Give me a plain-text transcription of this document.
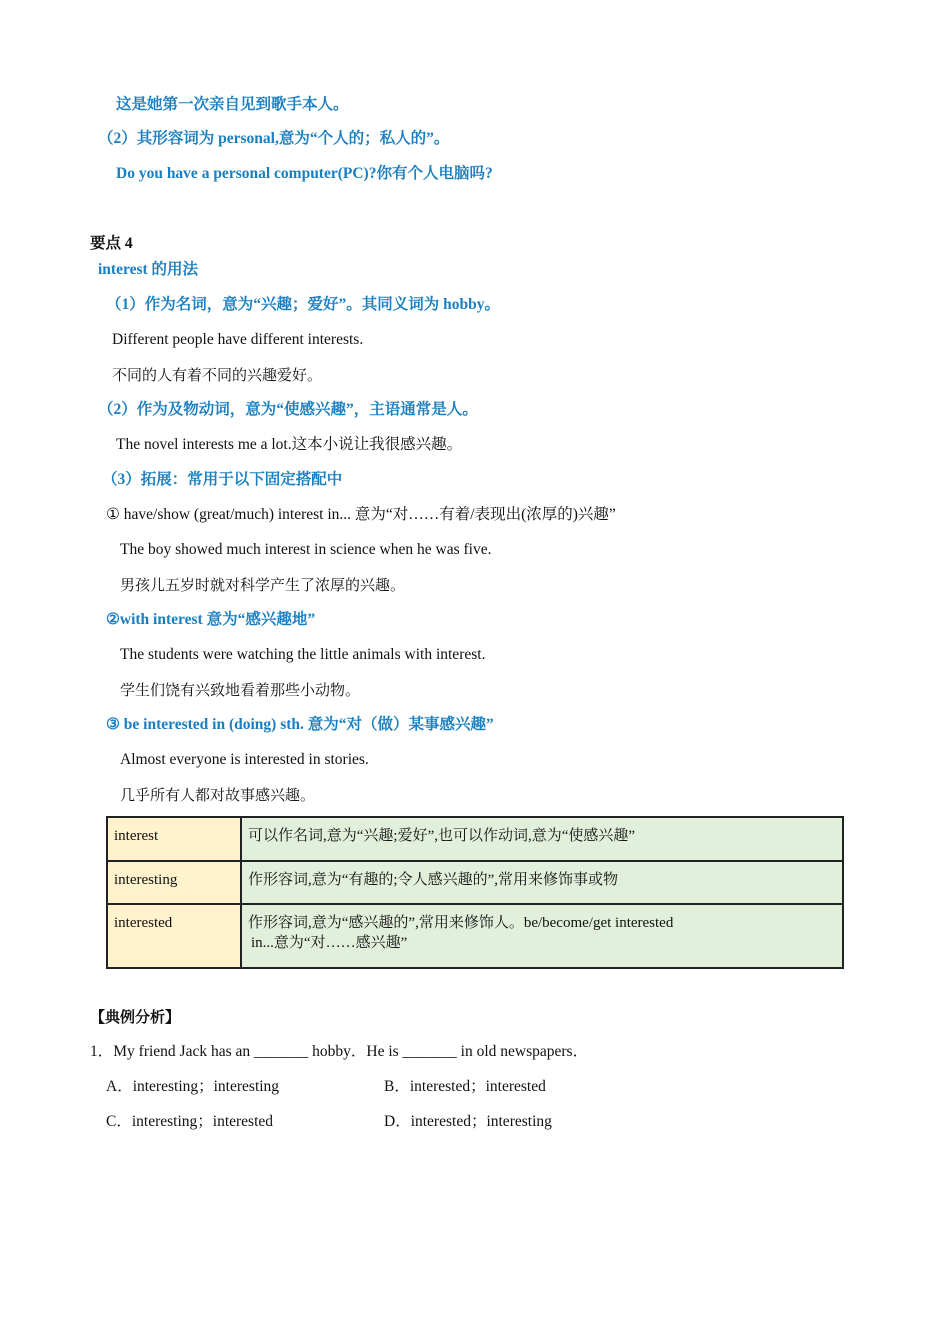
这是她第一次亲自见到歌手本人。
（2）其形容词为 personal,意为“个人的；私人的”。
Do you have a personal computer(PC)?你有个人电脑吗?
要点 4
interest 的用法
（1）作为名词，意为“兴趣；爱好”。其同义词为 hobby。
Different people have different interests.
不同的人有着不同的兴趣爱好。
（2）作为及物动词，意为“使感兴趣”，主语通常是人。
The novel interests me a lot.这本小说让我很感兴趣。
（3）拓展：常用于以下固定搭配中
① have/show (great/much) interest in... 意为“对……有着/表现出(浓厚的)兴趣”
The boy showed much interest in science when he was five.
男孩儿五岁时就对科学产生了浓厚的兴趣。
②with interest 意为“感兴趣地”
The students were watching the little animals with interest.
学生们饶有兴致地看着那些小动物。
③ be interested in (doing) sth. 意为“对（做）某事感兴趣”
Almost everyone is interested in stories.
几乎所有人都对故事感兴趣。
interest	可以作名词,意为“兴趣;爱好”,也可以作动词,意为“使感兴趣”
interesting	作形容词,意为“有趣的;令人感兴趣的”,常用来修饰事或物
interested	作形容词,意为“感兴趣的”,常用来修饰人。be/become/get interested
in...意为“对……感兴趣”
【典例分析】
1．My friend Jack has an _______ hobby．He is _______ in old newspapers．
A．interesting；interesting	B．interested；interested
C．interesting；interested	D．interested；interesting
